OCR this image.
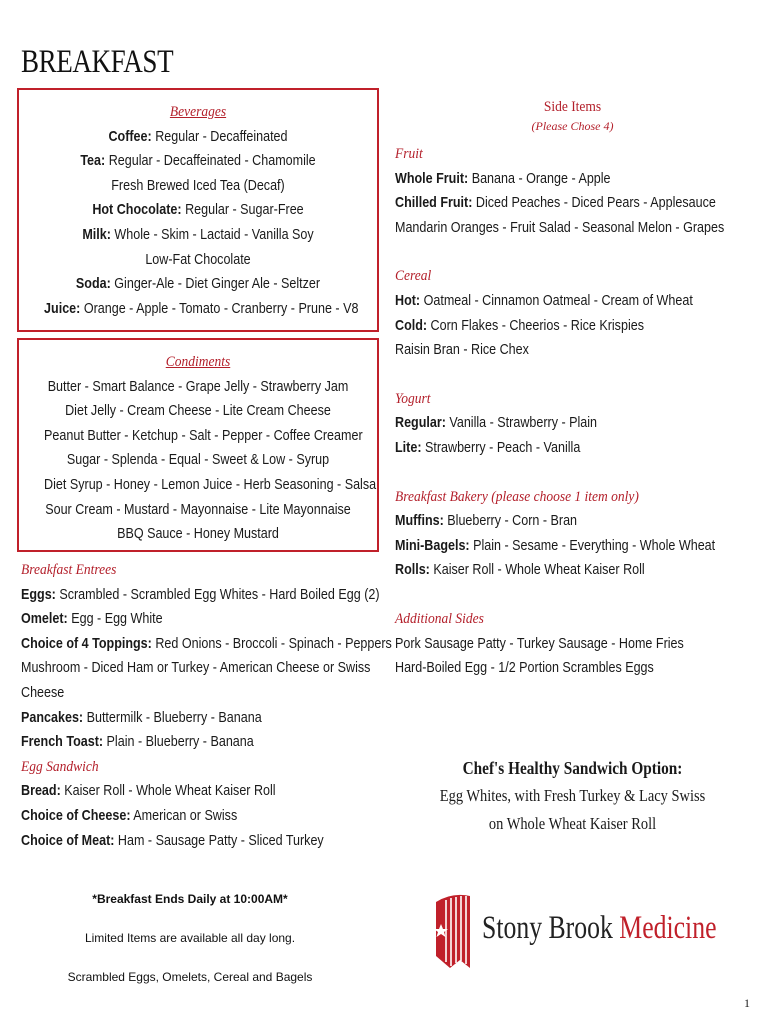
BREAKFAST
Beverages
Coffee: Regular - Decaffeinated
Tea: Regular - Decaffeinated - Chamomile
Fresh Brewed Iced Tea (Decaf)
Hot Chocolate: Regular - Sugar-Free
Milk: Whole - Skim - Lactaid - Vanilla Soy
Low-Fat Chocolate
Soda: Ginger-Ale - Diet Ginger Ale - Seltzer
Juice: Orange - Apple - Tomato - Cranberry - Prune - V8
Condiments
Butter - Smart Balance - Grape Jelly - Strawberry Jam
Diet Jelly - Cream Cheese - Lite Cream Cheese
Peanut Butter - Ketchup - Salt - Pepper - Coffee Creamer
Sugar - Splenda - Equal - Sweet & Low - Syrup
Diet Syrup - Honey - Lemon Juice - Herb Seasoning - Salsa
Sour Cream - Mustard - Mayonnaise - Lite Mayonnaise
BBQ Sauce - Honey Mustard
Breakfast Entrees
Eggs: Scrambled - Scrambled Egg Whites - Hard Boiled Egg (2)
Omelet: Egg - Egg White
Choice of 4 Toppings: Red Onions - Broccoli - Spinach - Peppers
Mushroom - Diced Ham or Turkey - American Cheese or Swiss
Cheese
Pancakes: Buttermilk - Blueberry - Banana
French Toast: Plain - Blueberry - Banana
Egg Sandwich
Bread: Kaiser Roll - Whole Wheat Kaiser Roll
Choice of Cheese: American or Swiss
Choice of Meat: Ham - Sausage Patty - Sliced Turkey
Side Items
(Please Chose 4)
Fruit
Whole Fruit: Banana - Orange - Apple
Chilled Fruit: Diced Peaches - Diced Pears - Applesauce
Mandarin Oranges - Fruit Salad - Seasonal Melon - Grapes
Cereal
Hot: Oatmeal - Cinnamon Oatmeal - Cream of Wheat
Cold: Corn Flakes - Cheerios - Rice Krispies
Raisin Bran - Rice Chex
Yogurt
Regular: Vanilla - Strawberry - Plain
Lite: Strawberry - Peach - Vanilla
Breakfast Bakery (please choose 1 item only)
Muffins: Blueberry - Corn - Bran
Mini-Bagels: Plain - Sesame - Everything - Whole Wheat
Rolls: Kaiser Roll - Whole Wheat Kaiser Roll
Additional Sides
Pork Sausage Patty - Turkey Sausage - Home Fries
Hard-Boiled Egg - 1/2 Portion Scrambles Eggs
Chef's Healthy Sandwich Option:
Egg Whites, with Fresh Turkey & Lacy Swiss
on Whole Wheat Kaiser Roll
*Breakfast Ends Daily at 10:00AM*
Limited Items are available all day long.
Scrambled Eggs, Omelets, Cereal and Bagels
Stony Brook Medicine
1
